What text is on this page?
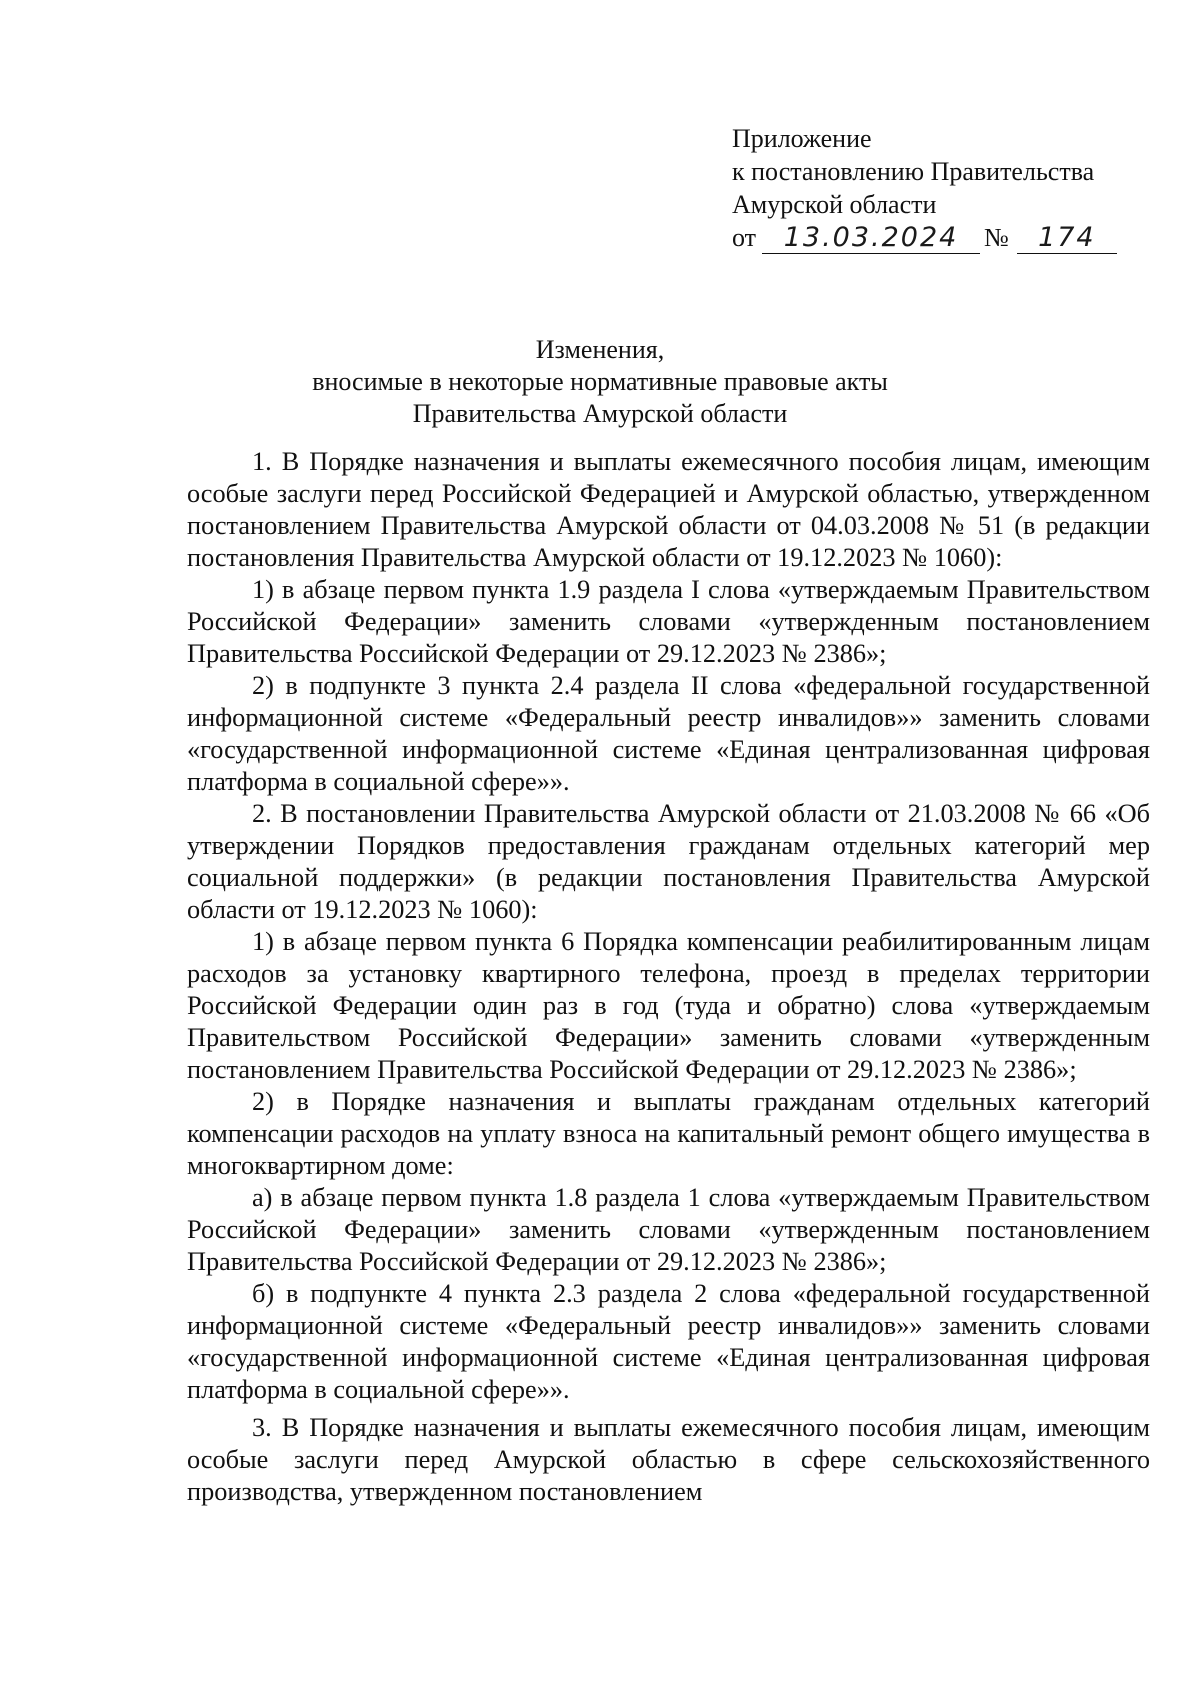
Приложение
к постановлению Правительства
Амурской области
от	13.03.2024 №	174
Изменения,
вносимые в некоторые нормативные правовые акты
Правительства Амурской области

1. В Порядке назначения и выплаты ежемесячного пособия лицам, имеющим особые заслуги перед Российской Федерацией и Амурской областью, утвержденном постановлением Правительства Амурской области от 04.03.2008 № 51 (в редакции постановления Правительства Амурской области от 19.12.2023 № 1060):

1) в абзаце первом пункта 1.9 раздела I слова «утверждаемым Правительством Российской Федерации» заменить словами «утвержденным постановлением Правительства Российской Федерации от 29.12.2023 № 2386»;

2) в подпункте 3 пункта 2.4 раздела II слова «федеральной государственной информационной системе «Федеральный реестр инвалидов»» заменить словами «государственной информационной системе «Единая централизованная цифровая платформа в социальной сфере»».

2. В постановлении Правительства Амурской области от 21.03.2008 № 66 «Об утверждении Порядков предоставления гражданам отдельных категорий мер социальной поддержки» (в редакции постановления Правительства Амурской области от 19.12.2023 № 1060):

1) в абзаце первом пункта 6 Порядка компенсации реабилитированным лицам расходов за установку квартирного телефона, проезд в пределах территории Российской Федерации один раз в год (туда и обратно) слова «утверждаемым Правительством Российской Федерации» заменить словами «утвержденным постановлением Правительства Российской Федерации от 29.12.2023 № 2386»;

2) в Порядке назначения и выплаты гражданам отдельных категорий компенсации расходов на уплату взноса на капитальный ремонт общего имущества в многоквартирном доме:

а) в абзаце первом пункта 1.8 раздела 1 слова «утверждаемым Правительством Российской Федерации» заменить словами «утвержденным постановлением Правительства Российской Федерации от 29.12.2023 № 2386»;

б) в подпункте 4 пункта 2.3 раздела 2 слова «федеральной государственной информационной системе «Федеральный реестр инвалидов»» заменить словами «государственной информационной системе «Единая централизованная цифровая платформа в социальной сфере»».

3. В Порядке назначения и выплаты ежемесячного пособия лицам, имеющим особые заслуги перед Амурской областью в сфере сельскохозяйственного производства, утвержденном постановлением
